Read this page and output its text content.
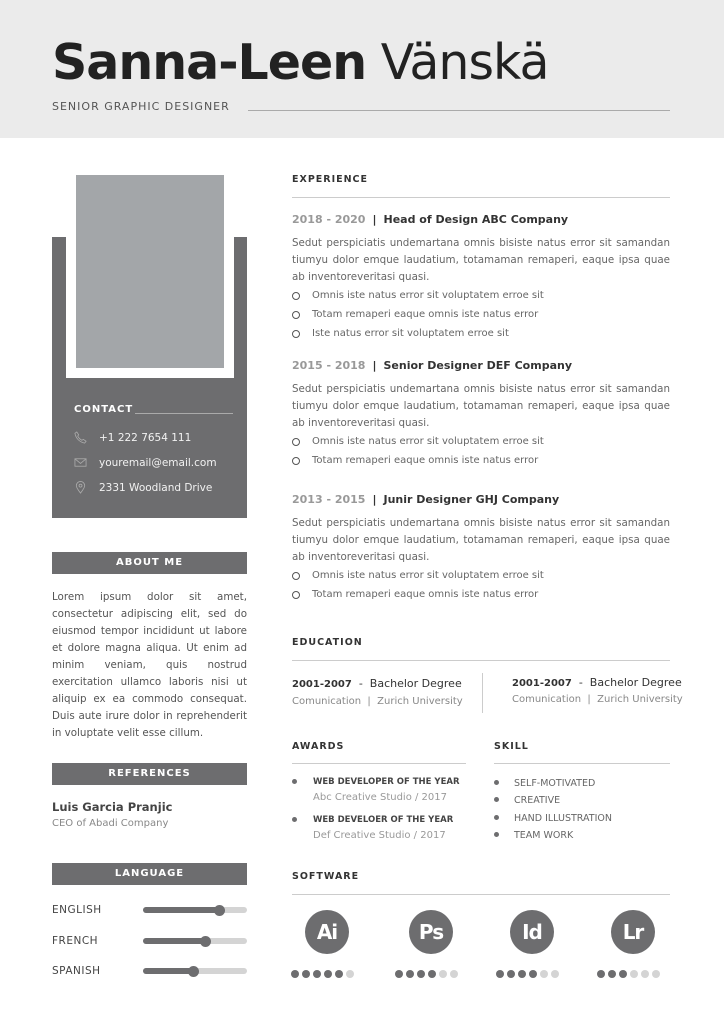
Sanna-Leen Vänskä
SENIOR GRAPHIC DESIGNER
CONTACT
+1 222 7654 111
youremail@email.com
2331 Woodland Drive
ABOUT ME
Lorem ipsum dolor sit amet, consectetur adipiscing elit, sed do eiusmod tempor incididunt ut labore et dolore magna aliqua. Ut enim ad minim veniam, quis nostrud exercitation ullamco laboris nisi ut aliquip ex ea commodo consequat. Duis aute irure dolor in reprehenderit in voluptate velit esse cillum.
REFERENCES
Luis Garcia Pranjic
CEO of Abadi Company
LANGUAGE
EXPERIENCE
EDUCATION
2001-2007  -  Bachelor Degree
Comunication  |  Zurich University
2001-2007  -  Bachelor Degree
Comunication  |  Zurich University
AWARDS	SKILL
SOFTWARE
ENGLISH
FRENCH
SPANISH
2018 - 2020 | Head of Design ABC Company
Sedut perspiciatis undemartana omnis bisiste natus error sit samandan tiumyu dolor emque laudatium, totamaman remaperi, eaque ipsa quae ab inventoreveritasi quasi.
Omnis iste natus error sit voluptatem erroe sit
Totam remaperi eaque omnis iste natus error
Iste natus error sit voluptatem erroe sit
2015 - 2018 | Senior Designer DEF Company
Sedut perspiciatis undemartana omnis bisiste natus error sit samandan tiumyu dolor emque laudatium, totamaman remaperi, eaque ipsa quae ab inventoreveritasi quasi.
Omnis iste natus error sit voluptatem erroe sit
Totam remaperi eaque omnis iste natus error
2013 - 2015 | Junir Designer GHJ Company
Sedut perspiciatis undemartana omnis bisiste natus error sit samandan tiumyu dolor emque laudatium, totamaman remaperi, eaque ipsa quae ab inventoreveritasi quasi.
Omnis iste natus error sit voluptatem erroe sit
Totam remaperi eaque omnis iste natus error
WEB DEVELOPER OF THE YEAR
Abc Creative Studio / 2017
WEB DEVELOER OF THE YEAR
Def Creative Studio / 2017
SELF-MOTIVATED
CREATIVE
HAND ILLUSTRATION
TEAM WORK
Ai	Ps	Id	Lr
